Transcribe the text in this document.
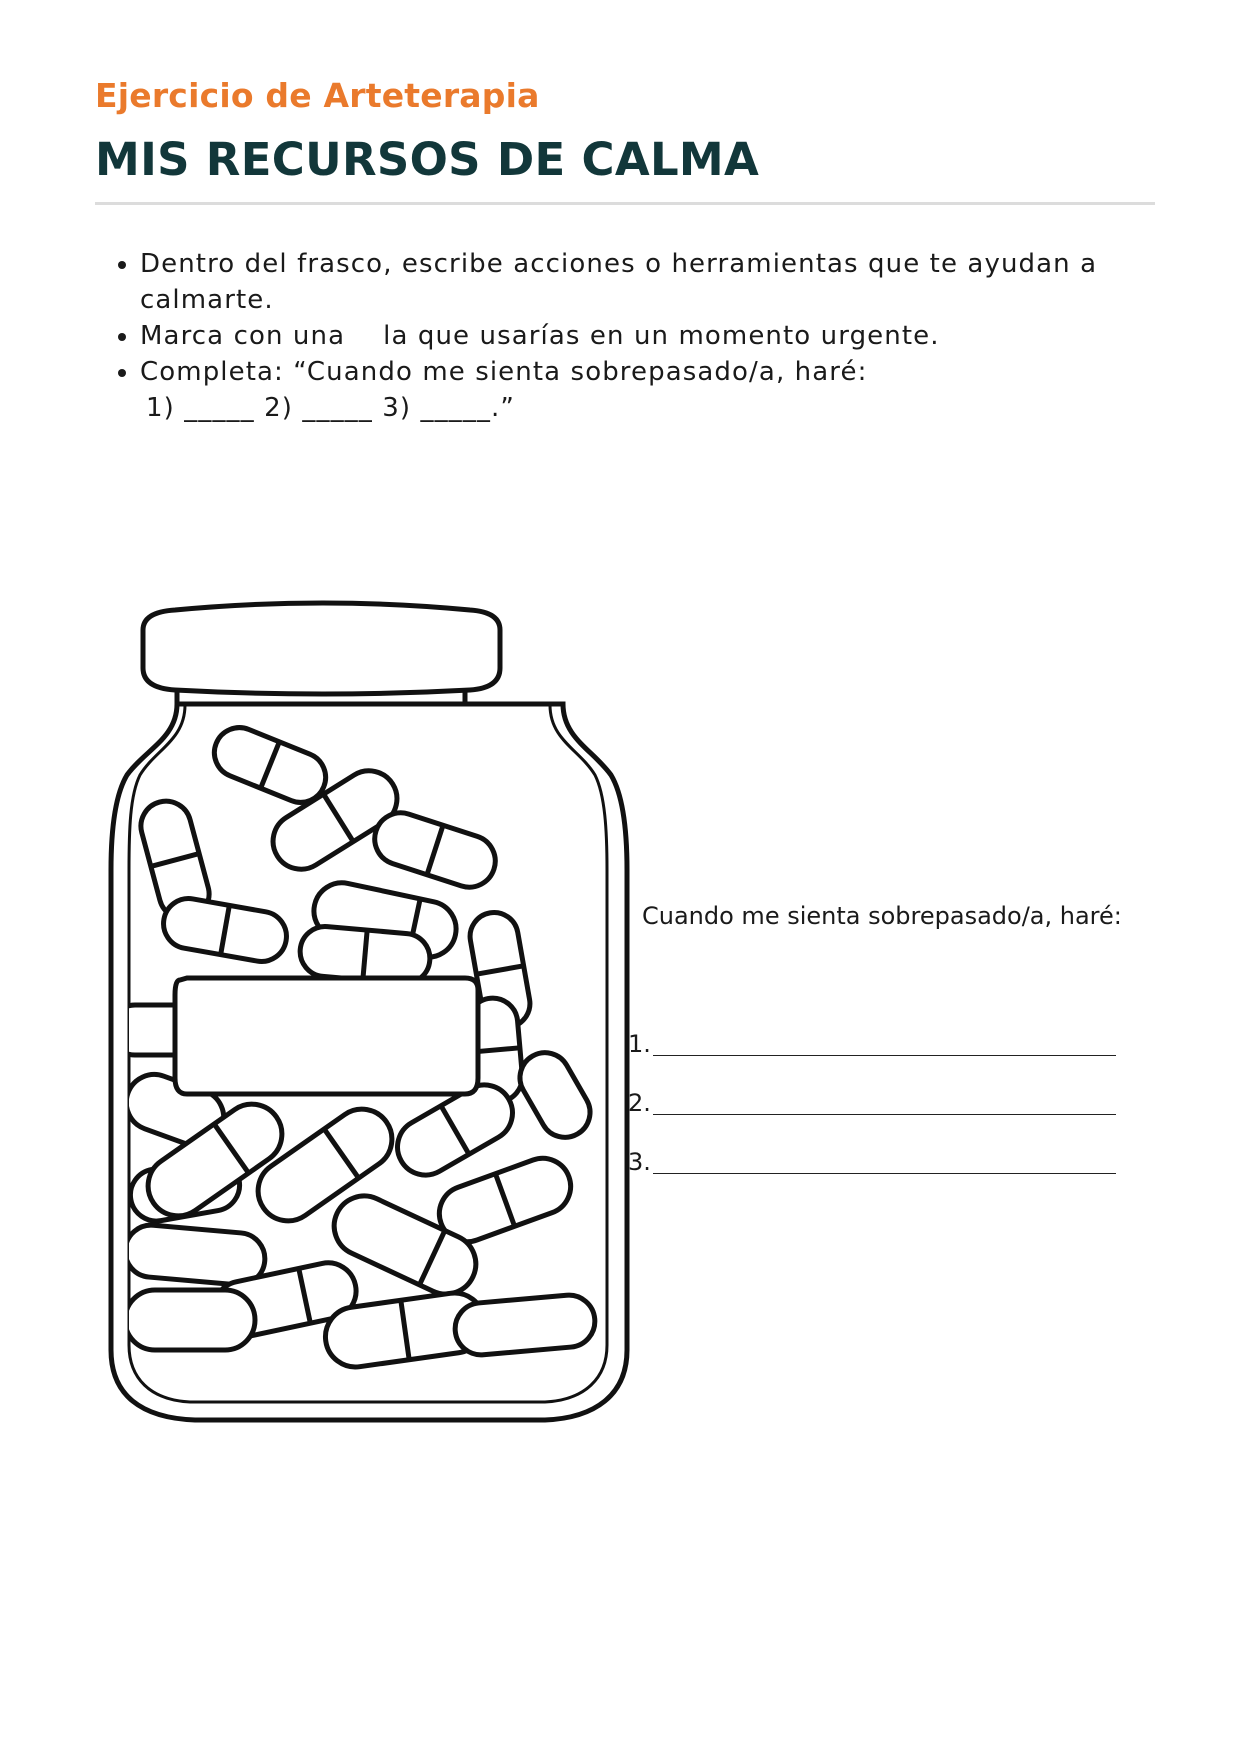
Ejercicio de Arteterapia
MIS RECURSOS DE CALMA
• Dentro del frasco, escribe acciones o herramientas que te ayudan a calmarte.
• Marca con una la que usarías en un momento urgente.
• Completa: “Cuando me sienta sobrepasado/a, haré:
1) _____ 2) _____ 3) _____.”
Cuando me sienta sobrepasado/a, haré:
1.
2.
3.
